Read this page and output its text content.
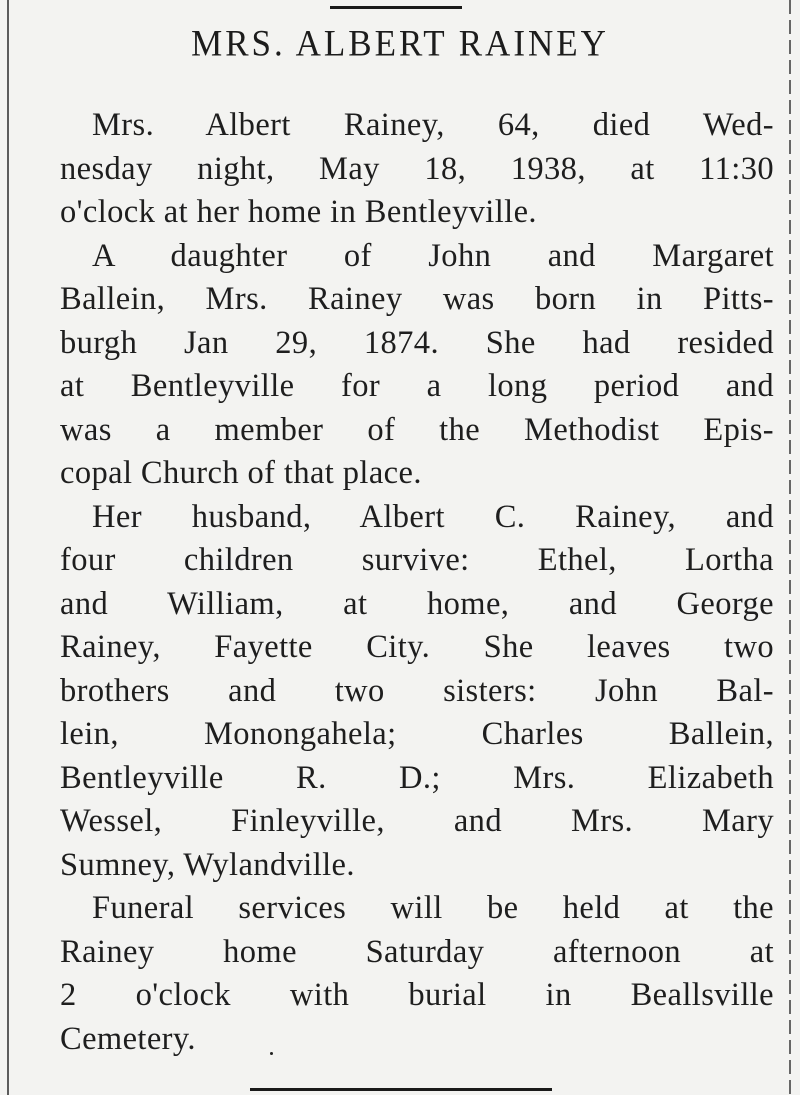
MRS. ALBERT RAINEY

Mrs. Albert Rainey, 64, died Wed-
nesday night, May 18, 1938, at 11:30
o'clock at her home in Bentleyville.

A daughter of John and Margaret
Ballein, Mrs. Rainey was born in Pitts-
burgh Jan 29, 1874. She had resided
at Bentleyville for a long period and
was a member of the Methodist Epis-
copal Church of that place.

Her husband, Albert C. Rainey, and
four children survive: Ethel, Lortha
and William, at home, and George
Rainey, Fayette City. She leaves two
brothers and two sisters: John Bal-
lein, Monongahela; Charles Ballein,
Bentleyville R. D.; Mrs. Elizabeth
Wessel, Finleyville, and Mrs. Mary
Sumney, Wylandville.

Funeral services will be held at the
Rainey home Saturday afternoon at
2 o'clock with burial in Beallsville
Cemetery.
